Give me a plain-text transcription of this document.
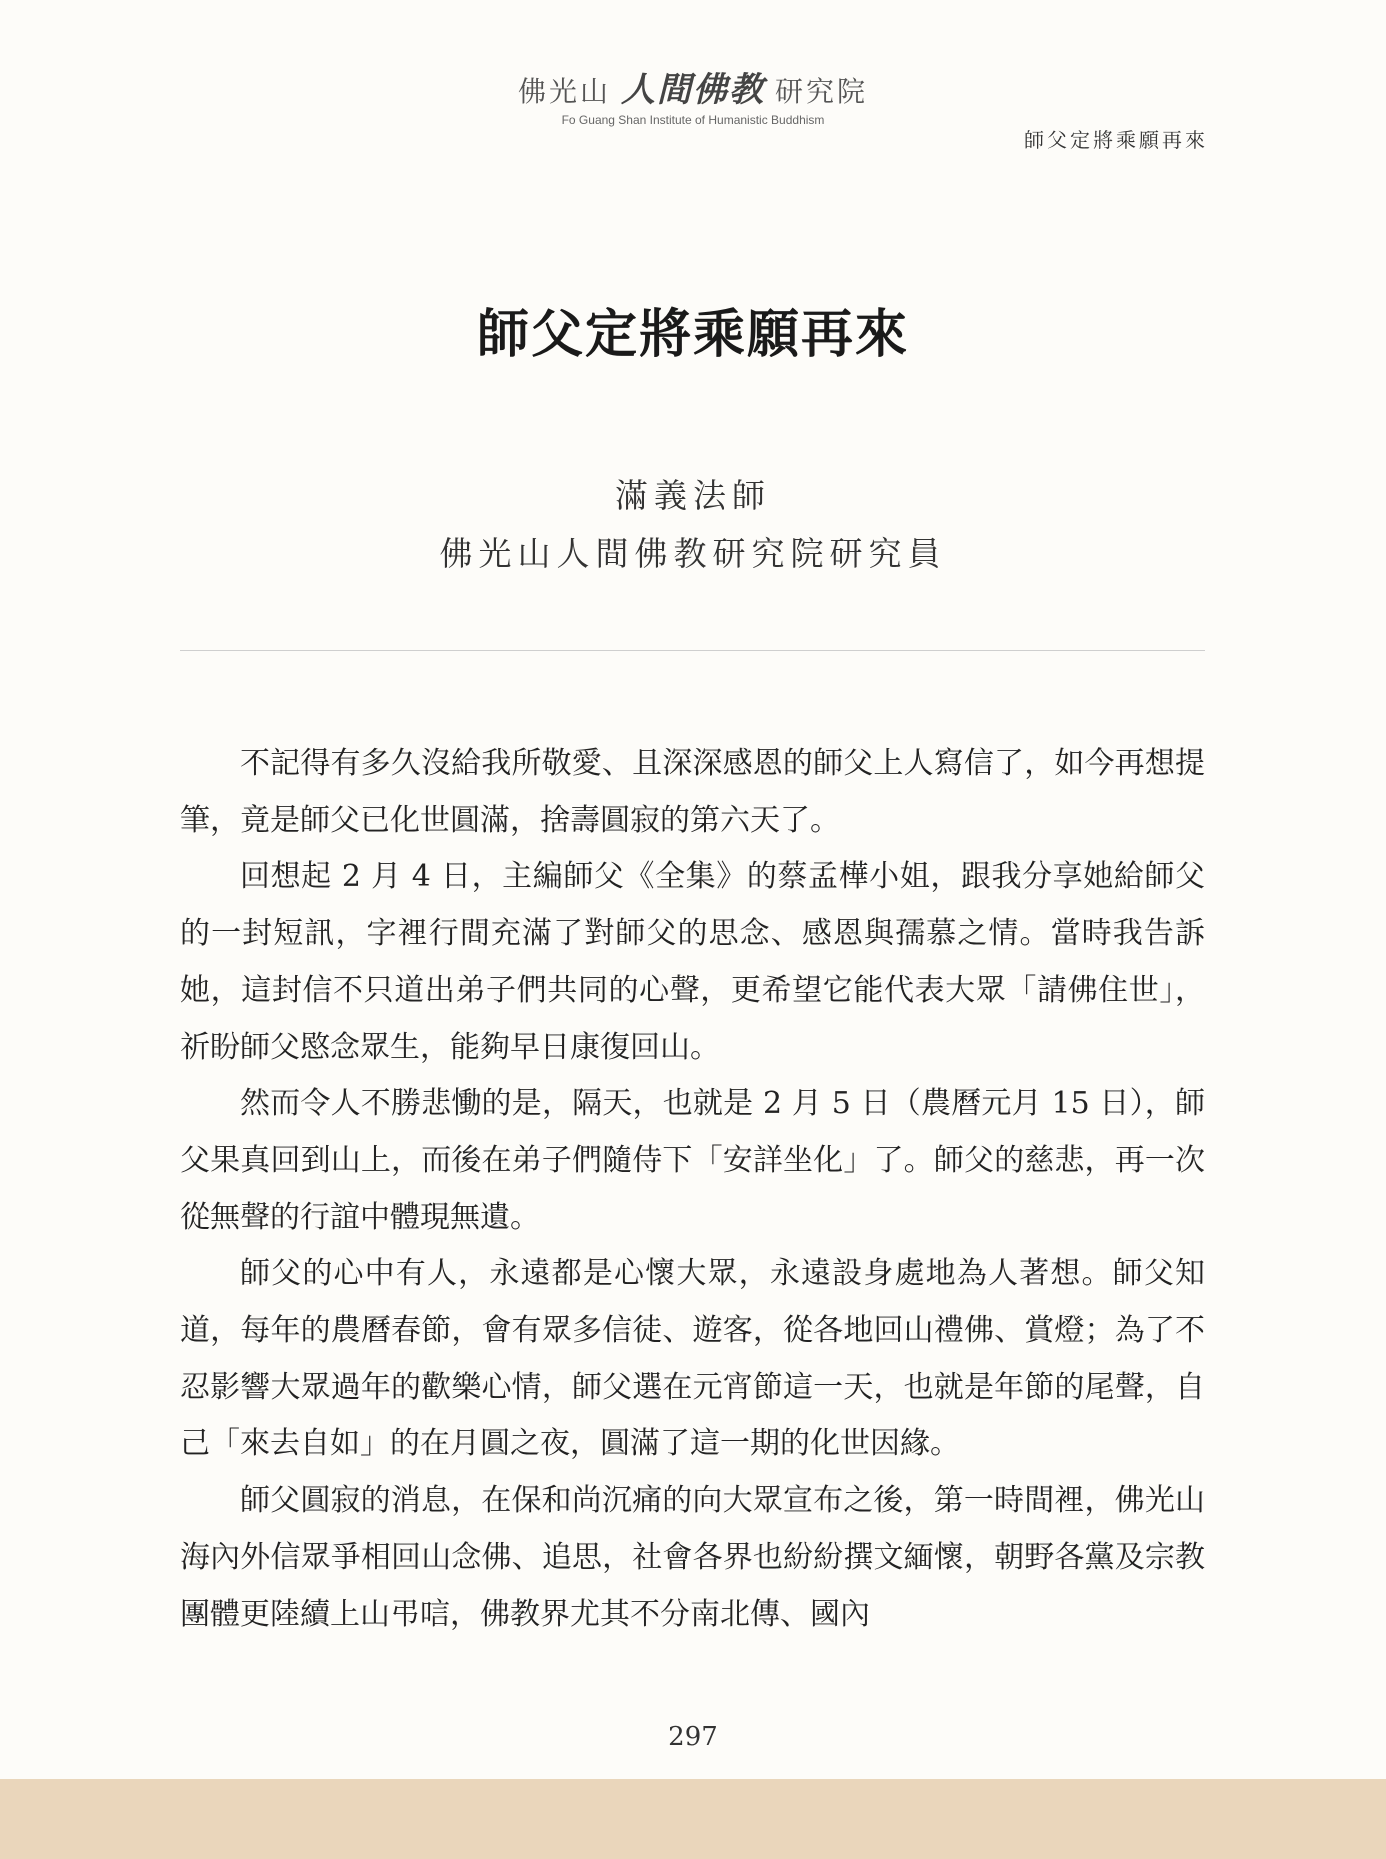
佛光山 人間佛教 研究院
Fo Guang Shan Institute of Humanistic Buddhism
師父定將乘願再來
師父定將乘願再來
滿義法師
佛光山人間佛教研究院研究員

不記得有多久沒給我所敬愛、且深深感恩的師父上人寫信了，如今再想提筆，竟是師父已化世圓滿，捨壽圓寂的第六天了。

回想起 2 月 4 日，主編師父《全集》的蔡孟樺小姐，跟我分享她給師父的一封短訊，字裡行間充滿了對師父的思念、感恩與孺慕之情。當時我告訴她，這封信不只道出弟子們共同的心聲，更希望它能代表大眾「請佛住世」，祈盼師父愍念眾生，能夠早日康復回山。

然而令人不勝悲慟的是，隔天，也就是 2 月 5 日（農曆元月 15 日），師父果真回到山上，而後在弟子們隨侍下「安詳坐化」了。師父的慈悲，再一次從無聲的行誼中體現無遺。

師父的心中有人，永遠都是心懷大眾，永遠設身處地為人著想。師父知道，每年的農曆春節，會有眾多信徒、遊客，從各地回山禮佛、賞燈；為了不忍影響大眾過年的歡樂心情，師父選在元宵節這一天，也就是年節的尾聲，自己「來去自如」的在月圓之夜，圓滿了這一期的化世因緣。

師父圓寂的消息，在保和尚沉痛的向大眾宣布之後，第一時間裡，佛光山海內外信眾爭相回山念佛、追思，社會各界也紛紛撰文緬懷，朝野各黨及宗教團體更陸續上山弔唁，佛教界尤其不分南北傳、國內

297
